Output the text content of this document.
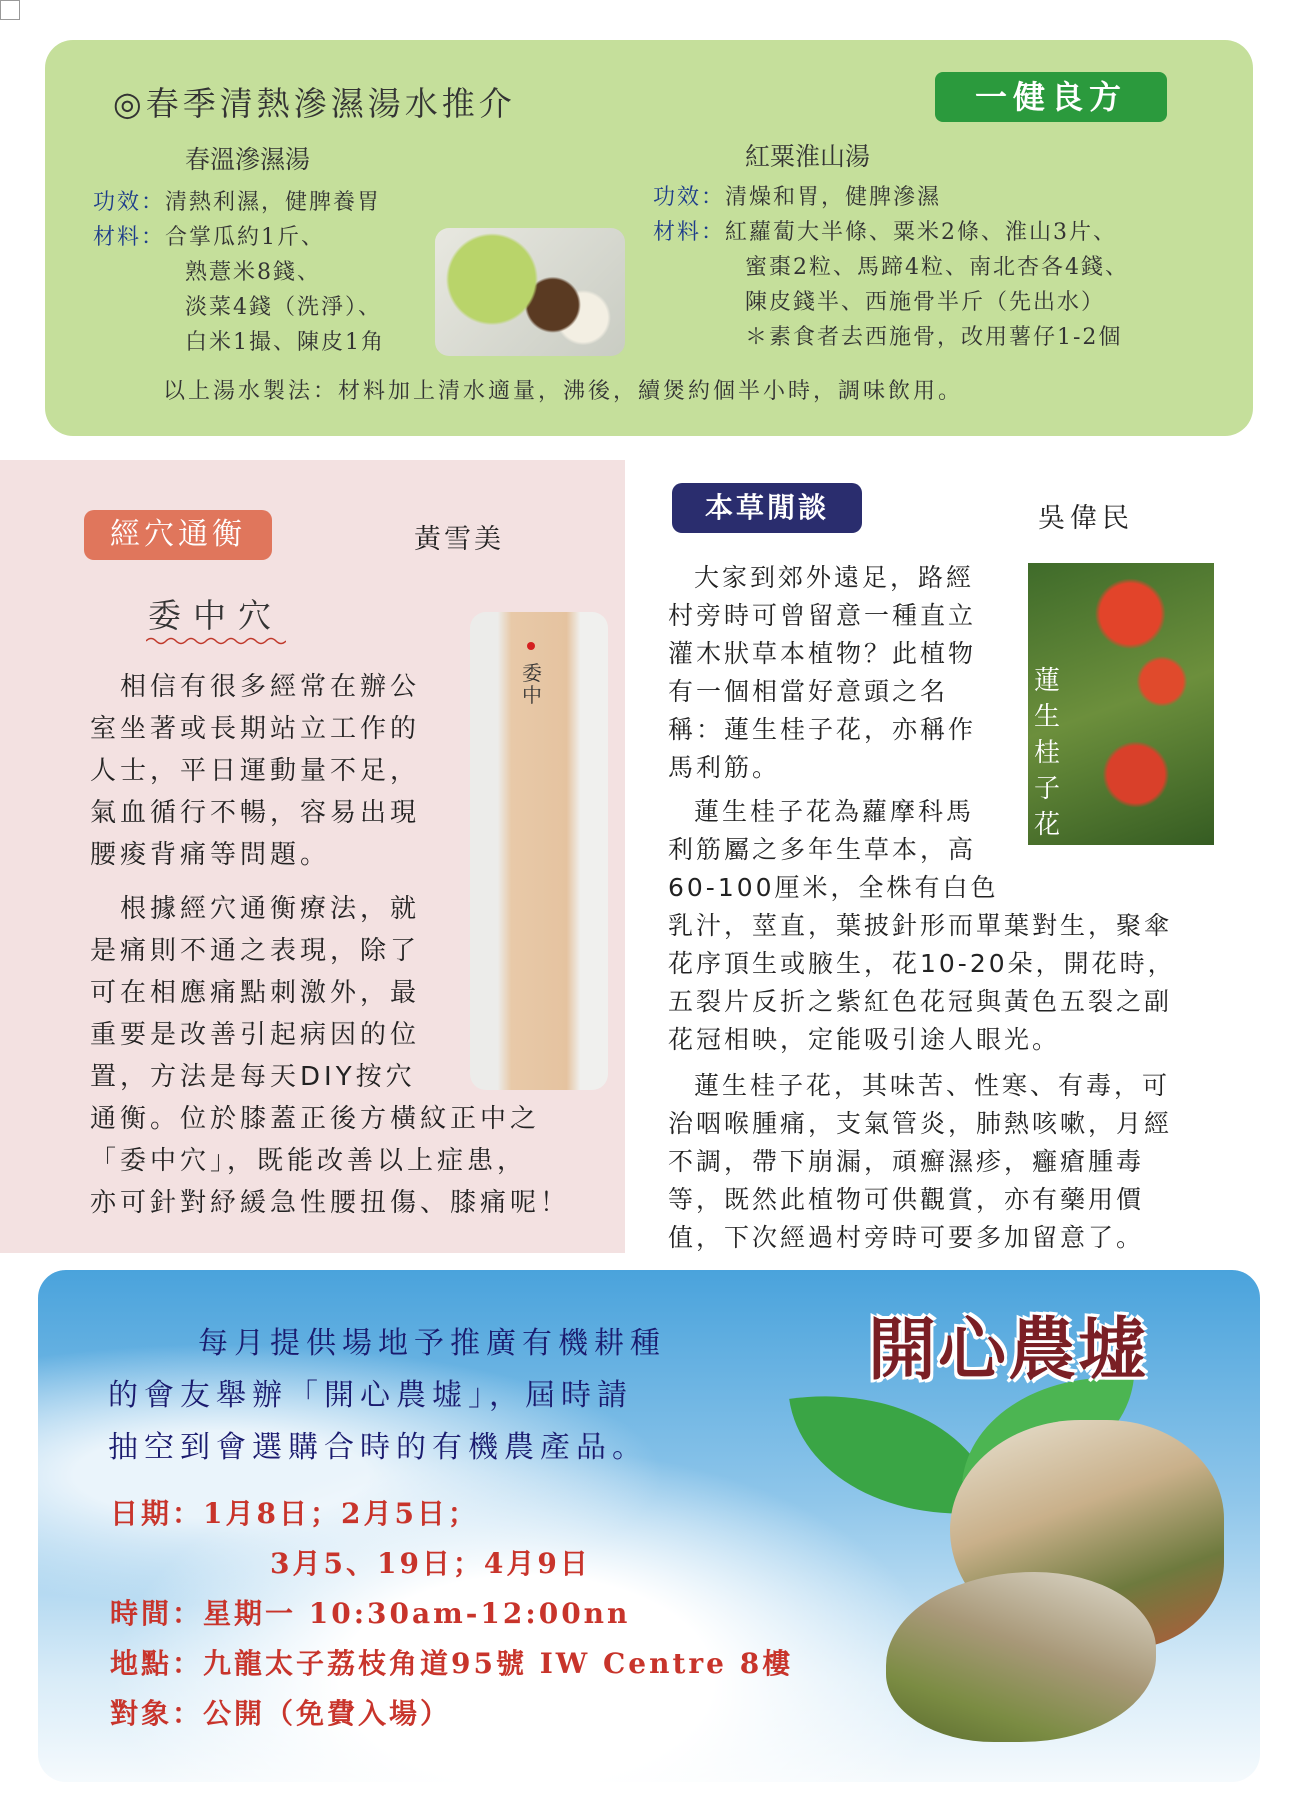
◎春季清熱滲濕湯水推介	一健良方
春溫滲濕湯
功效：清熱利濕，健脾養胃
材料：合掌瓜約1斤、
熟薏米8錢、
淡菜4錢（洗淨）、
白米1撮、陳皮1角
紅粟淮山湯
功效：清燥和胃，健脾滲濕
材料：紅蘿蔔大半條、粟米2條、淮山3片、
蜜棗2粒、馬蹄4粒、南北杏各4錢、
陳皮錢半、西施骨半斤（先出水）
＊素食者去西施骨，改用薯仔1-2個
以上湯水製法：材料加上清水適量，沸後，續煲約個半小時，調味飲用。
經穴通衡	黃雪美
委中穴
委中
相信有很多經常在辦公
室坐著或長期站立工作的
人士，平日運動量不足，
氣血循行不暢，容易出現
腰痠背痛等問題。
根據經穴通衡療法，就
是痛則不通之表現，除了
可在相應痛點刺激外，最
重要是改善引起病因的位
置，方法是每天DIY按穴
通衡。位於膝蓋正後方橫紋正中之
「委中穴」，既能改善以上症患，
亦可針對紓緩急性腰扭傷、膝痛呢！
本草閒談	吳偉民
蓮生桂子花
大家到郊外遠足，路經
村旁時可曾留意一種直立
灌木狀草本植物？此植物
有一個相當好意頭之名
稱：蓮生桂子花，亦稱作
馬利筋。
蓮生桂子花為蘿摩科馬
利筋屬之多年生草本，高
60-100厘米，全株有白色
乳汁，莖直，葉披針形而單葉對生，聚傘
花序頂生或腋生，花10-20朵，開花時，
五裂片反折之紫紅色花冠與黃色五裂之副
花冠相映，定能吸引途人眼光。
蓮生桂子花，其味苦、性寒、有毒，可
治咽喉腫痛，支氣管炎，肺熱咳嗽，月經
不調，帶下崩漏，頑癬濕疹，癰瘡腫毒
等，既然此植物可供觀賞，亦有藥用價
值，下次經過村旁時可要多加留意了。
開心農墟
每月提供場地予推廣有機耕種
的會友舉辦「開心農墟」，屆時請
抽空到會選購合時的有機農產品。
日期：1月8日；2月5日；
3月5、19日；4月9日
時間：星期一 10:30am-12:00nn
地點：九龍太子荔枝角道95號 IW Centre 8樓
對象：公開（免費入場）
